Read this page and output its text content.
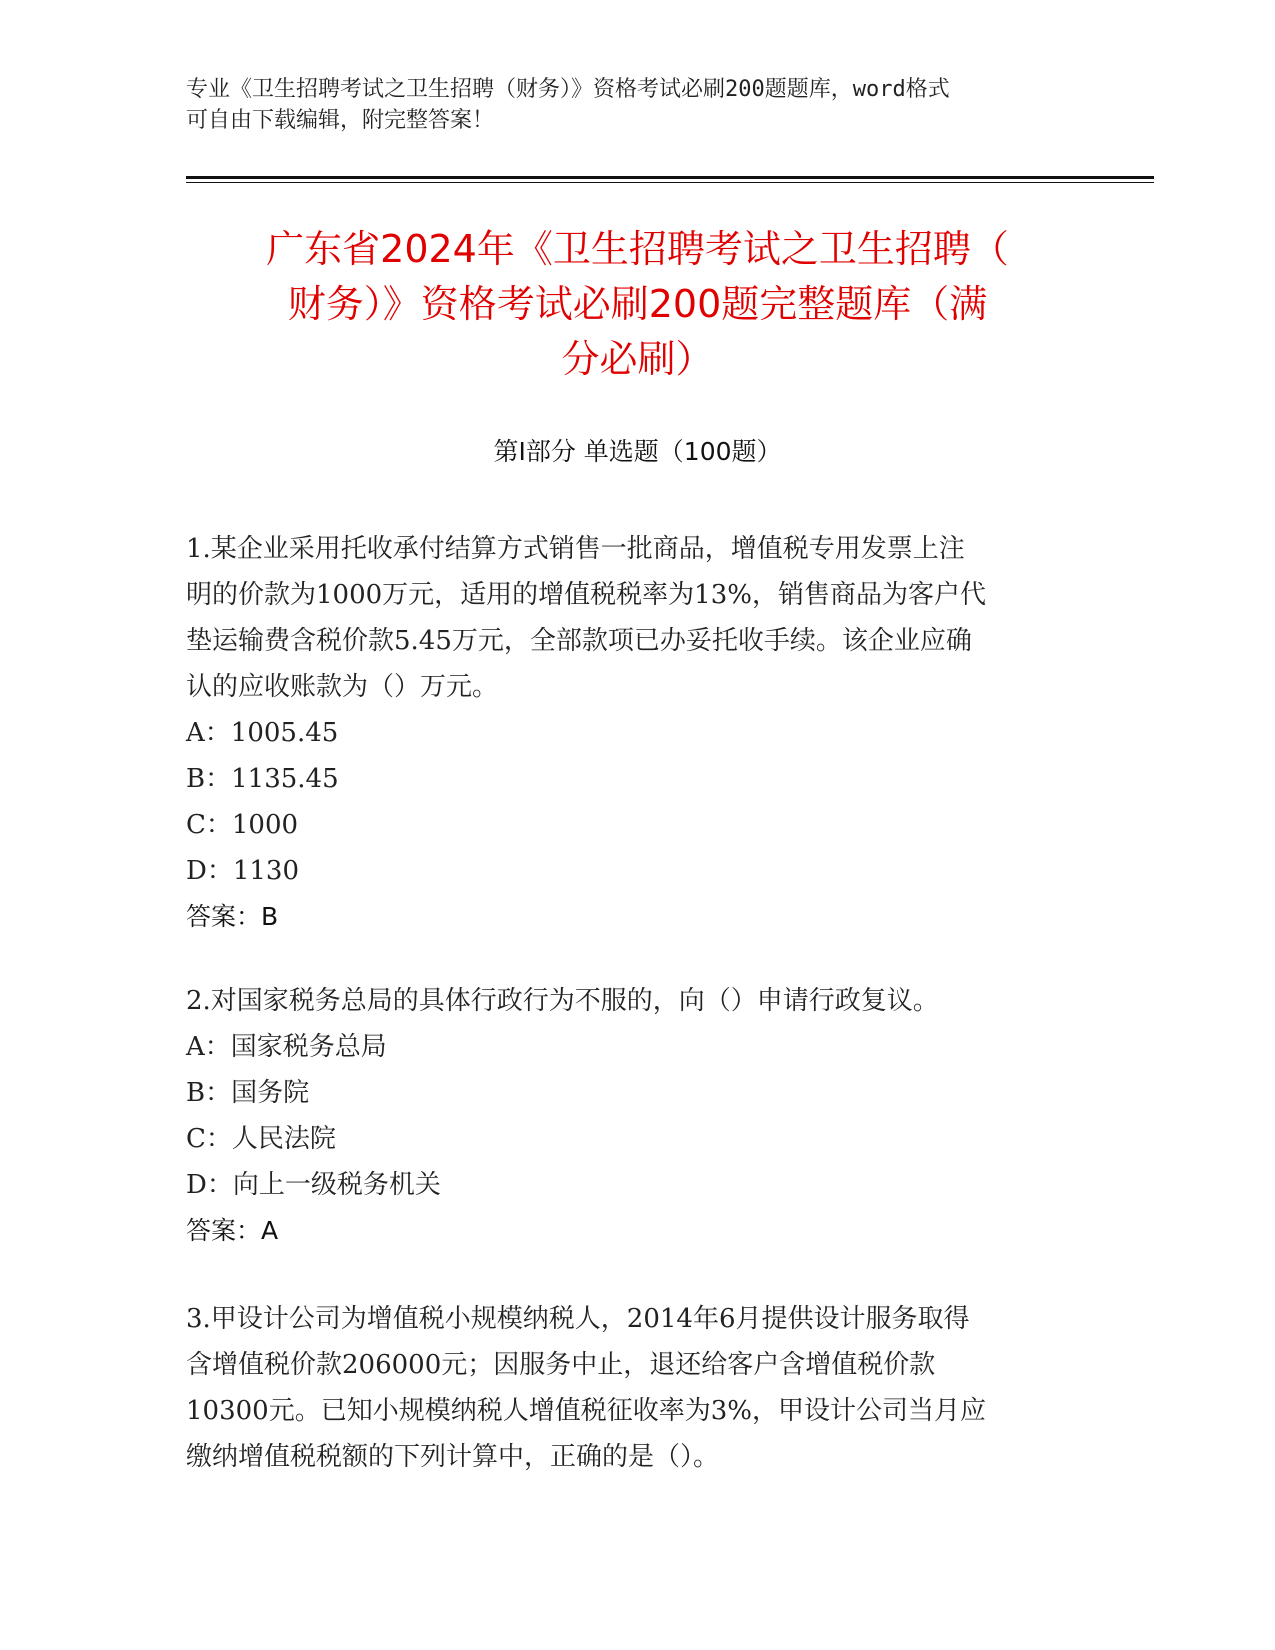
专业《卫生招聘考试之卫生招聘（财务）》资格考试必刷200题题库，word格式
可自由下载编辑，附完整答案！
广东省2024年《卫生招聘考试之卫生招聘（
财务）》资格考试必刷200题完整题库（满
分必刷）
第I部分 单选题（100题）
1.某企业采用托收承付结算方式销售一批商品，增值税专用发票上注
明的价款为1000万元，适用的增值税税率为13%，销售商品为客户代
垫运输费含税价款5.45万元，全部款项已办妥托收手续。该企业应确
认的应收账款为（）万元。
A：1005.45
B：1135.45
C：1000
D：1130
答案：B
2.对国家税务总局的具体行政行为不服的，向（）申请行政复议。
A：国家税务总局
B：国务院
C：人民法院
D：向上一级税务机关
答案：A
3.甲设计公司为增值税小规模纳税人，2014年6月提供设计服务取得
含增值税价款206000元；因服务中止，退还给客户含增值税价款
10300元。已知小规模纳税人增值税征收率为3%，甲设计公司当月应
缴纳增值税税额的下列计算中，正确的是（）。
